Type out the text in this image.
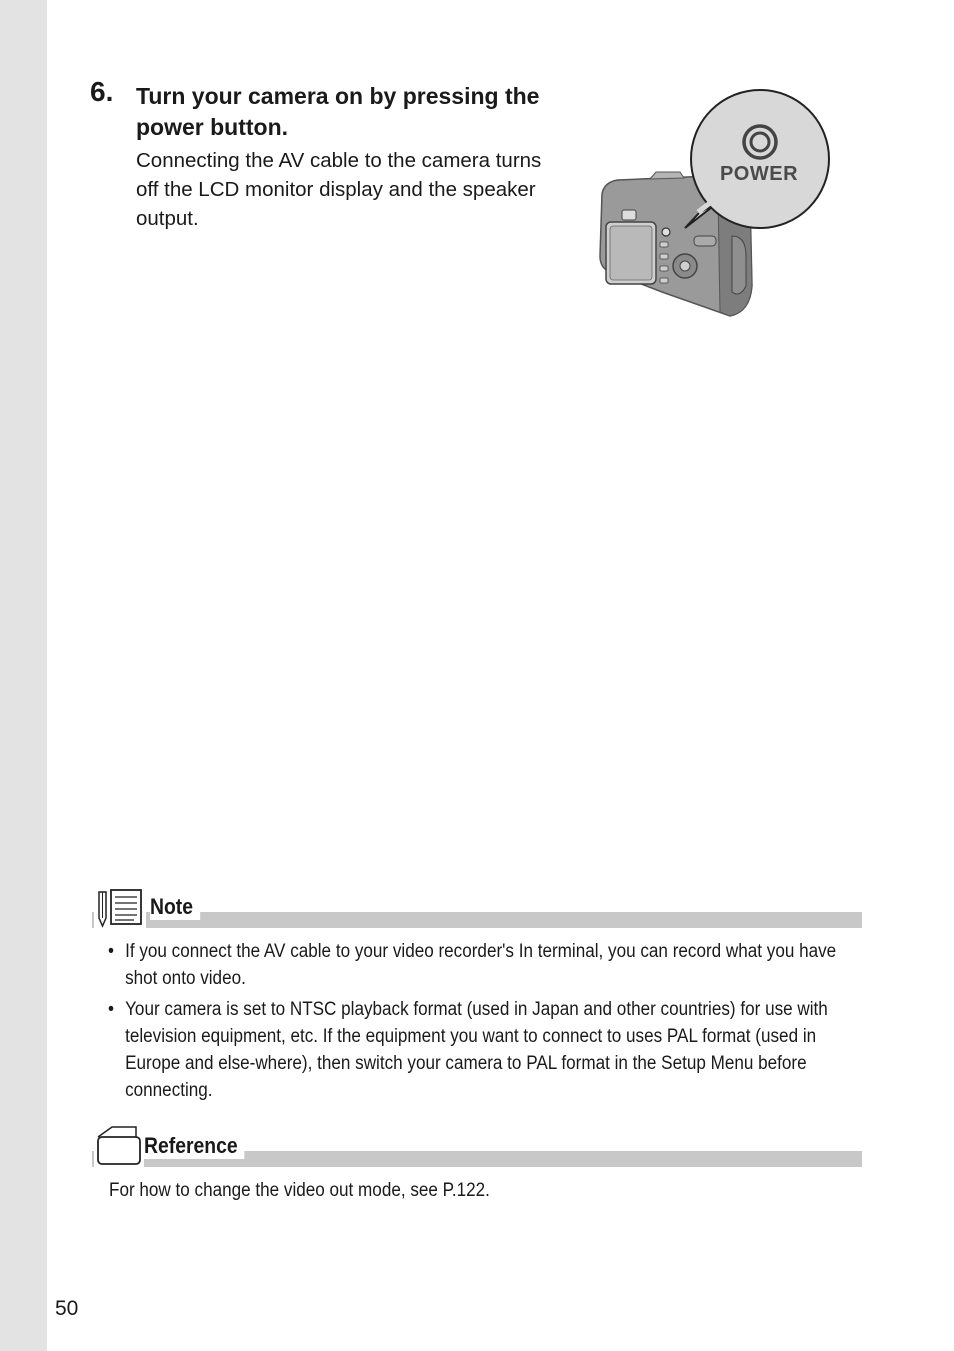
6. Turn your camera on by pressing the power button.
Connecting the AV cable to the camera turns off the LCD monitor display and the speaker output.
POWER
Note
• If you connect the AV cable to your video recorder's In terminal, you can record what you have shot onto video.
• Your camera is set to NTSC playback format (used in Japan and other countries) for use with television equipment, etc. If the equipment you want to connect to uses PAL format (used in Europe and else-where), then switch your camera to PAL format in the Setup Menu before connecting.
Reference
For how to change the video out mode, see P.122.
50
